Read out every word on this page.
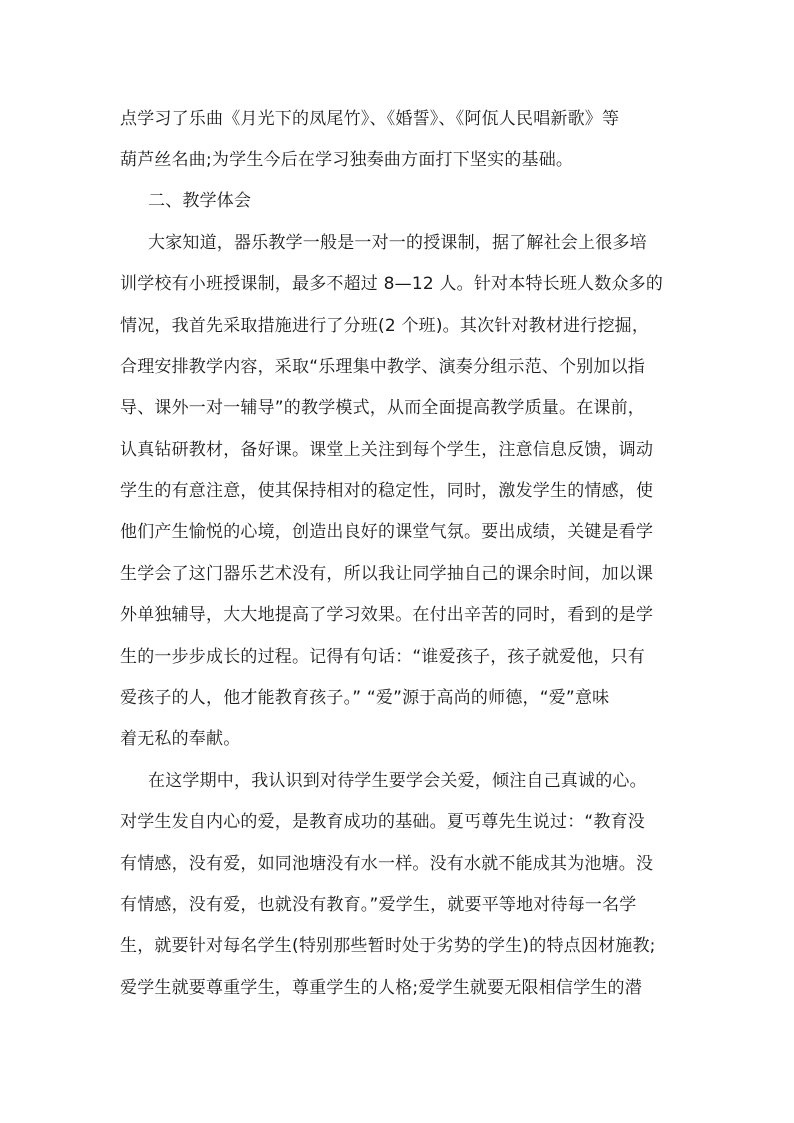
点学习了乐曲《月光下的凤尾竹》、《婚誓》、《阿佤人民唱新歌》等
葫芦丝名曲;为学生今后在学习独奏曲方面打下坚实的基础。
二、教学体会
大家知道，器乐教学一般是一对一的授课制，据了解社会上很多培
训学校有小班授课制，最多不超过 8—12 人。针对本特长班人数众多的
情况，我首先采取措施进行了分班(2 个班)。其次针对教材进行挖掘，
合理安排教学内容，采取“乐理集中教学、演奏分组示范、个别加以指
导、课外一对一辅导”的教学模式，从而全面提高教学质量。在课前，
认真钻研教材，备好课。课堂上关注到每个学生，注意信息反馈，调动
学生的有意注意，使其保持相对的稳定性，同时，激发学生的情感，使
他们产生愉悦的心境，创造出良好的课堂气氛。要出成绩，关键是看学
生学会了这门器乐艺术没有，所以我让同学抽自己的课余时间，加以课
外单独辅导，大大地提高了学习效果。在付出辛苦的同时，看到的是学
生的一步步成长的过程。记得有句话：“谁爱孩子，孩子就爱他，只有
爱孩子的人，他才能教育孩子。” “爱”源于高尚的师德，“爱”意味
着无私的奉献。
在这学期中，我认识到对待学生要学会关爱，倾注自己真诚的心。
对学生发自内心的爱，是教育成功的基础。夏丐尊先生说过：“教育没
有情感，没有爱，如同池塘没有水一样。没有水就不能成其为池塘。没
有情感，没有爱，也就没有教育。”爱学生，就要平等地对待每一名学
生，就要针对每名学生(特别那些暂时处于劣势的学生)的特点因材施教;
爱学生就要尊重学生，尊重学生的人格;爱学生就要无限相信学生的潜
